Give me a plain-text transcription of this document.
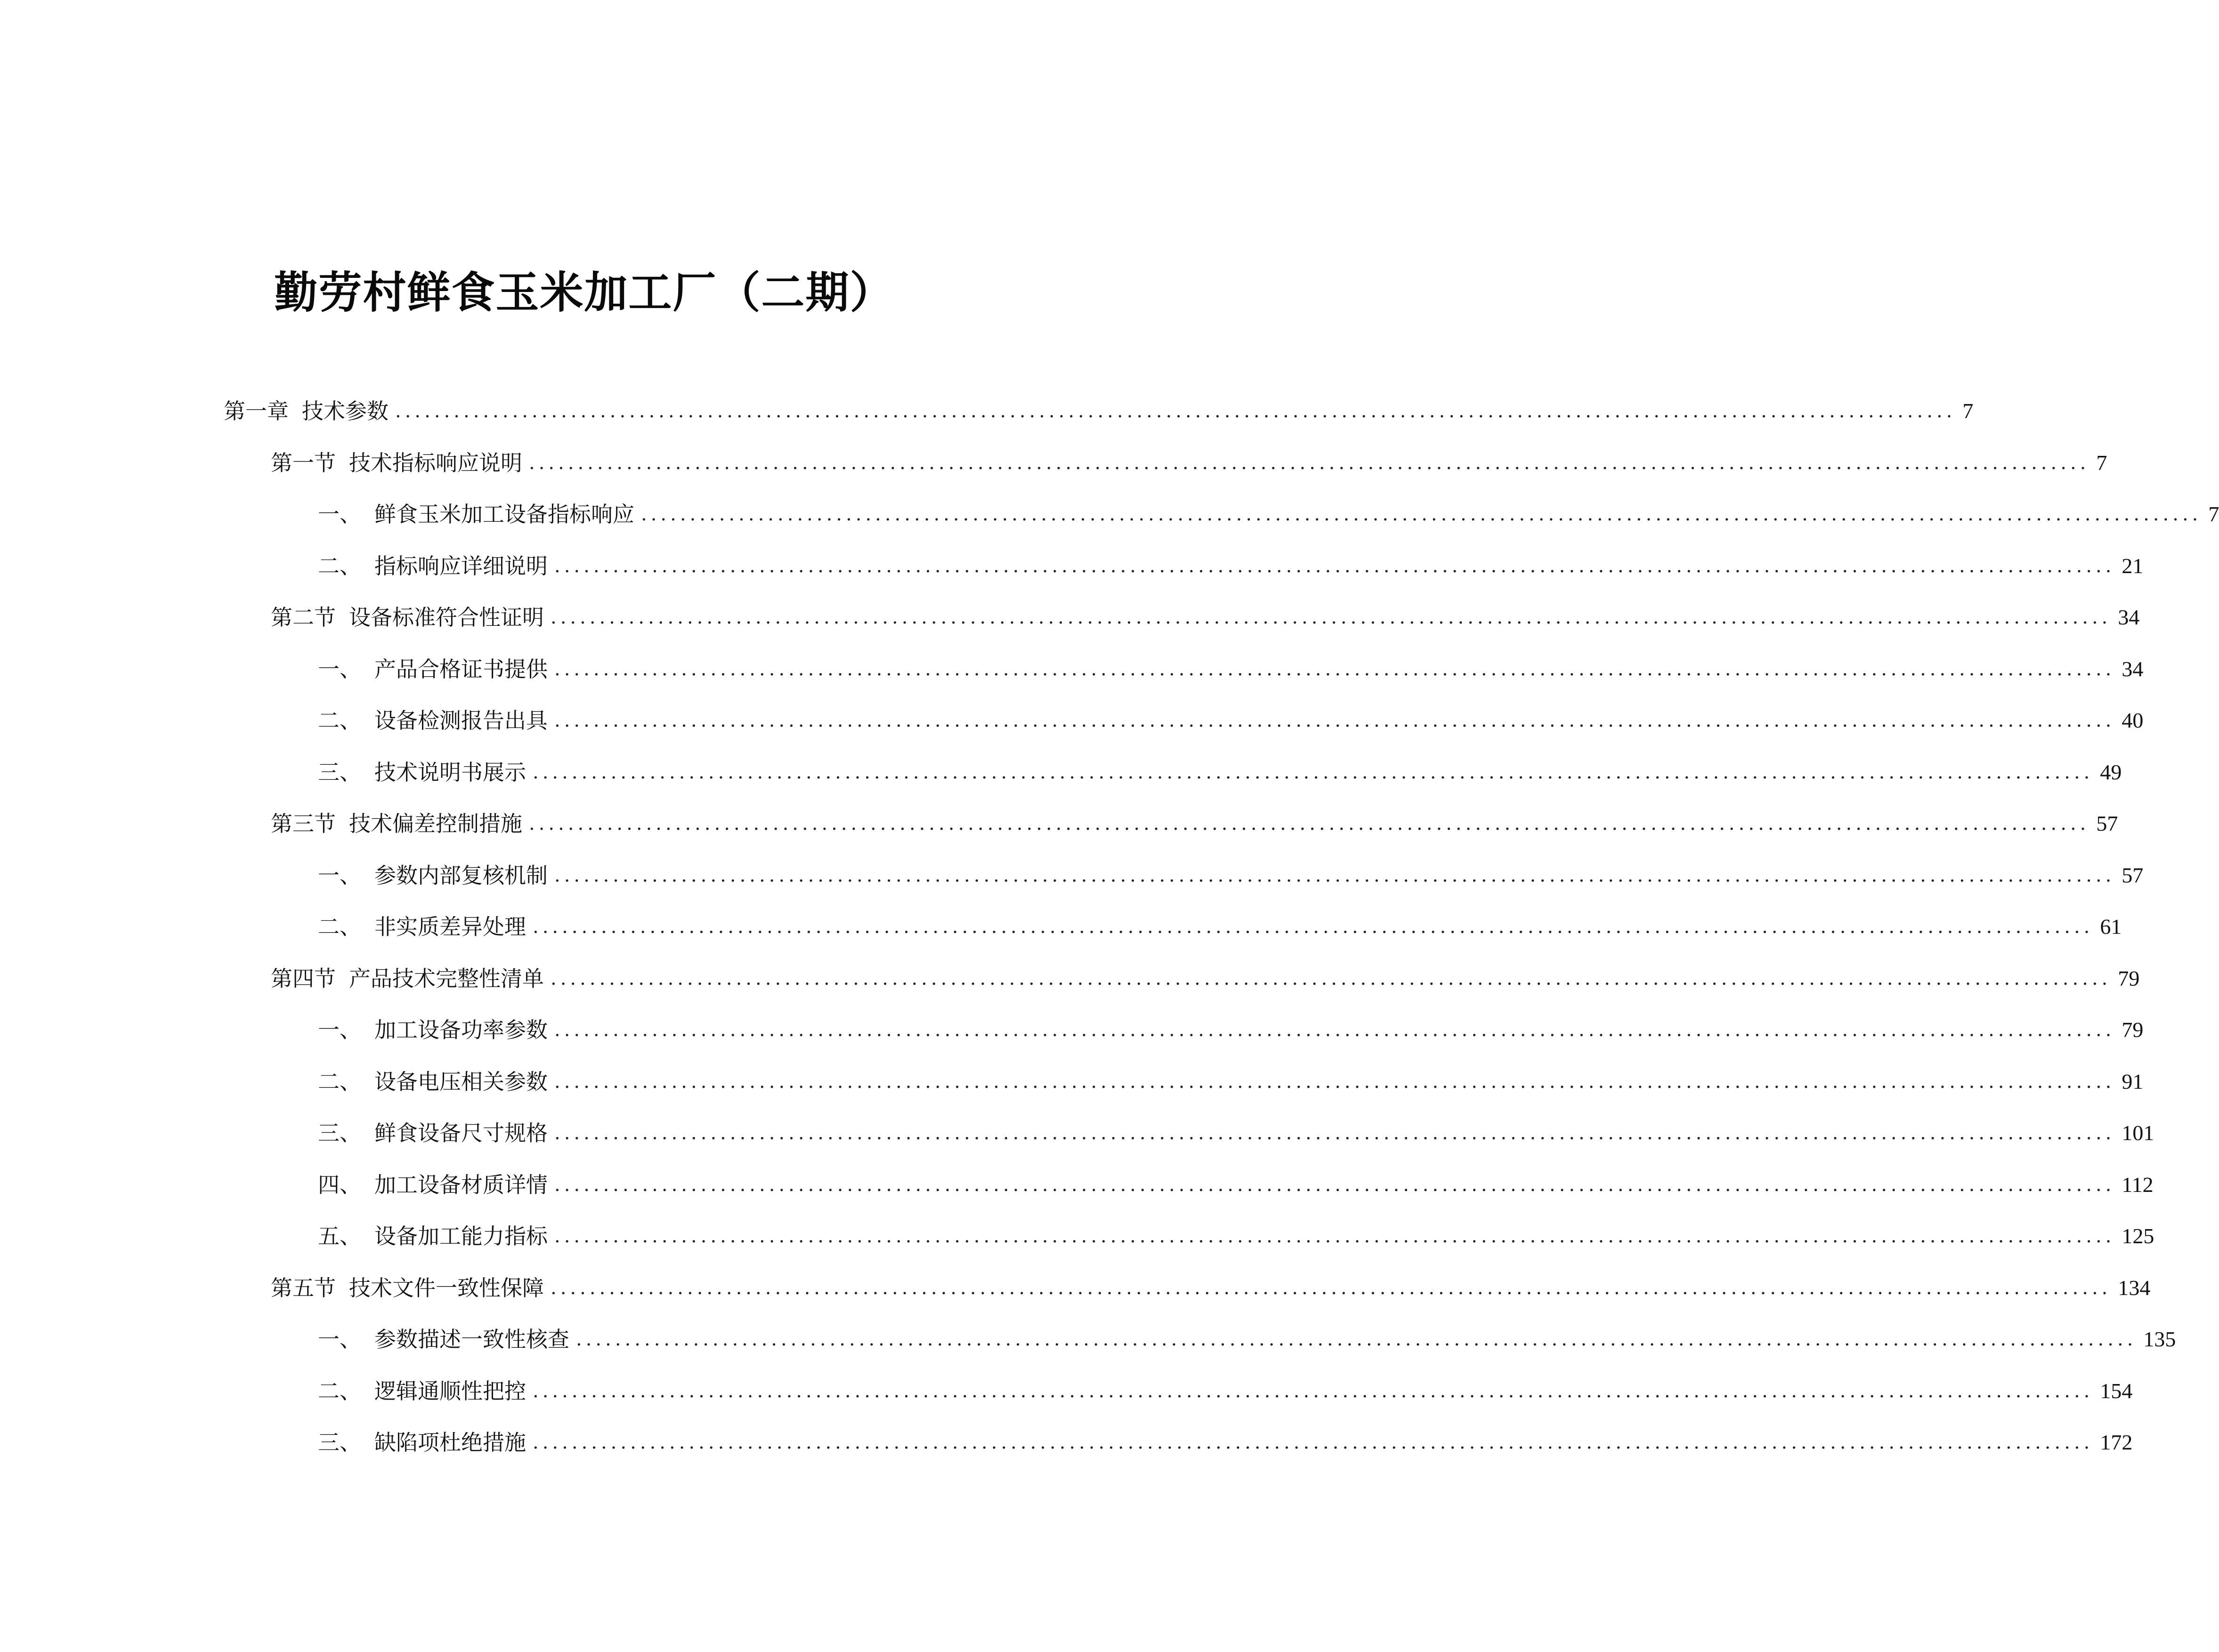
勤劳村鲜食玉米加工厂（二期）
第一章 技术参数 ................................................................................................................................................................ 7
第一节 技术指标响应说明 ................................................................................................................................................................ 7
一、 鲜食玉米加工设备指标响应 ................................................................................................................................................................ 7
二、 指标响应详细说明 ................................................................................................................................................................ 21
第二节 设备标准符合性证明 ................................................................................................................................................................ 34
一、 产品合格证书提供 ................................................................................................................................................................ 34
二、 设备检测报告出具 ................................................................................................................................................................ 40
三、 技术说明书展示 ................................................................................................................................................................ 49
第三节 技术偏差控制措施 ................................................................................................................................................................ 57
一、 参数内部复核机制 ................................................................................................................................................................ 57
二、 非实质差异处理 ................................................................................................................................................................ 61
第四节 产品技术完整性清单 ................................................................................................................................................................ 79
一、 加工设备功率参数 ................................................................................................................................................................ 79
二、 设备电压相关参数 ................................................................................................................................................................ 91
三、 鲜食设备尺寸规格 ................................................................................................................................................................ 101
四、 加工设备材质详情 ................................................................................................................................................................ 112
五、 设备加工能力指标 ................................................................................................................................................................ 125
第五节 技术文件一致性保障 ................................................................................................................................................................ 134
一、 参数描述一致性核查 ................................................................................................................................................................ 135
二、 逻辑通顺性把控 ................................................................................................................................................................ 154
三、 缺陷项杜绝措施 ................................................................................................................................................................ 172
